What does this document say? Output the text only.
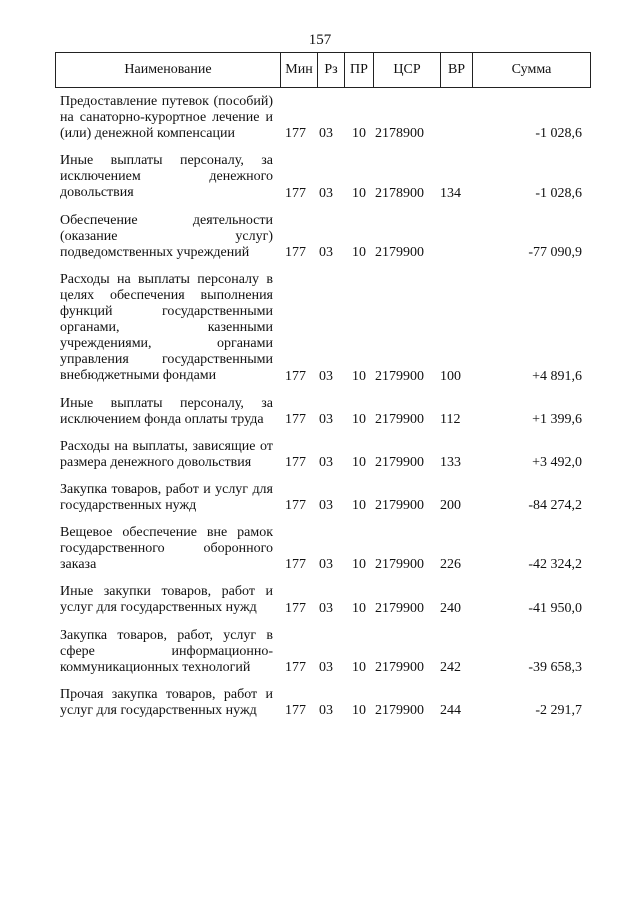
157
Наименование	Мин Рз ПР	ЦСР	ВР	Сумма
Предоставление путевок (пособий) на санаторно-курортное лечение и (или) денежной компенсации	177 03 10 2178900	-1 028,6
Иные выплаты персоналу, за исключением денежного довольствия	177 03 10 2178900 134	-1 028,6
Обеспечение деятельности (оказание услуг) подведомственных учреждений	177 03 10 2179900	-77 090,9
Расходы на выплаты персоналу в целях обеспечения выполнения функций государственными органами, казенными учреждениями, органами управления государственными внебюджетными фондами	177 03 10 2179900 100	+4 891,6
Иные выплаты персоналу, за исключением фонда оплаты труда	177 03 10 2179900 112	+1 399,6
Расходы на выплаты, зависящие от размера денежного довольствия	177 03 10 2179900 133	+3 492,0
Закупка товаров, работ и услуг для государственных нужд	177 03 10 2179900 200	-84 274,2
Вещевое обеспечение вне рамок государственного оборонного заказа	177 03 10 2179900 226	-42 324,2
Иные закупки товаров, работ и услуг для государственных нужд	177 03 10 2179900 240	-41 950,0
Закупка товаров, работ, услуг в сфере информационно-коммуникационных технологий	177 03 10 2179900 242	-39 658,3
Прочая закупка товаров, работ и услуг для государственных нужд	177 03 10 2179900 244	-2 291,7
